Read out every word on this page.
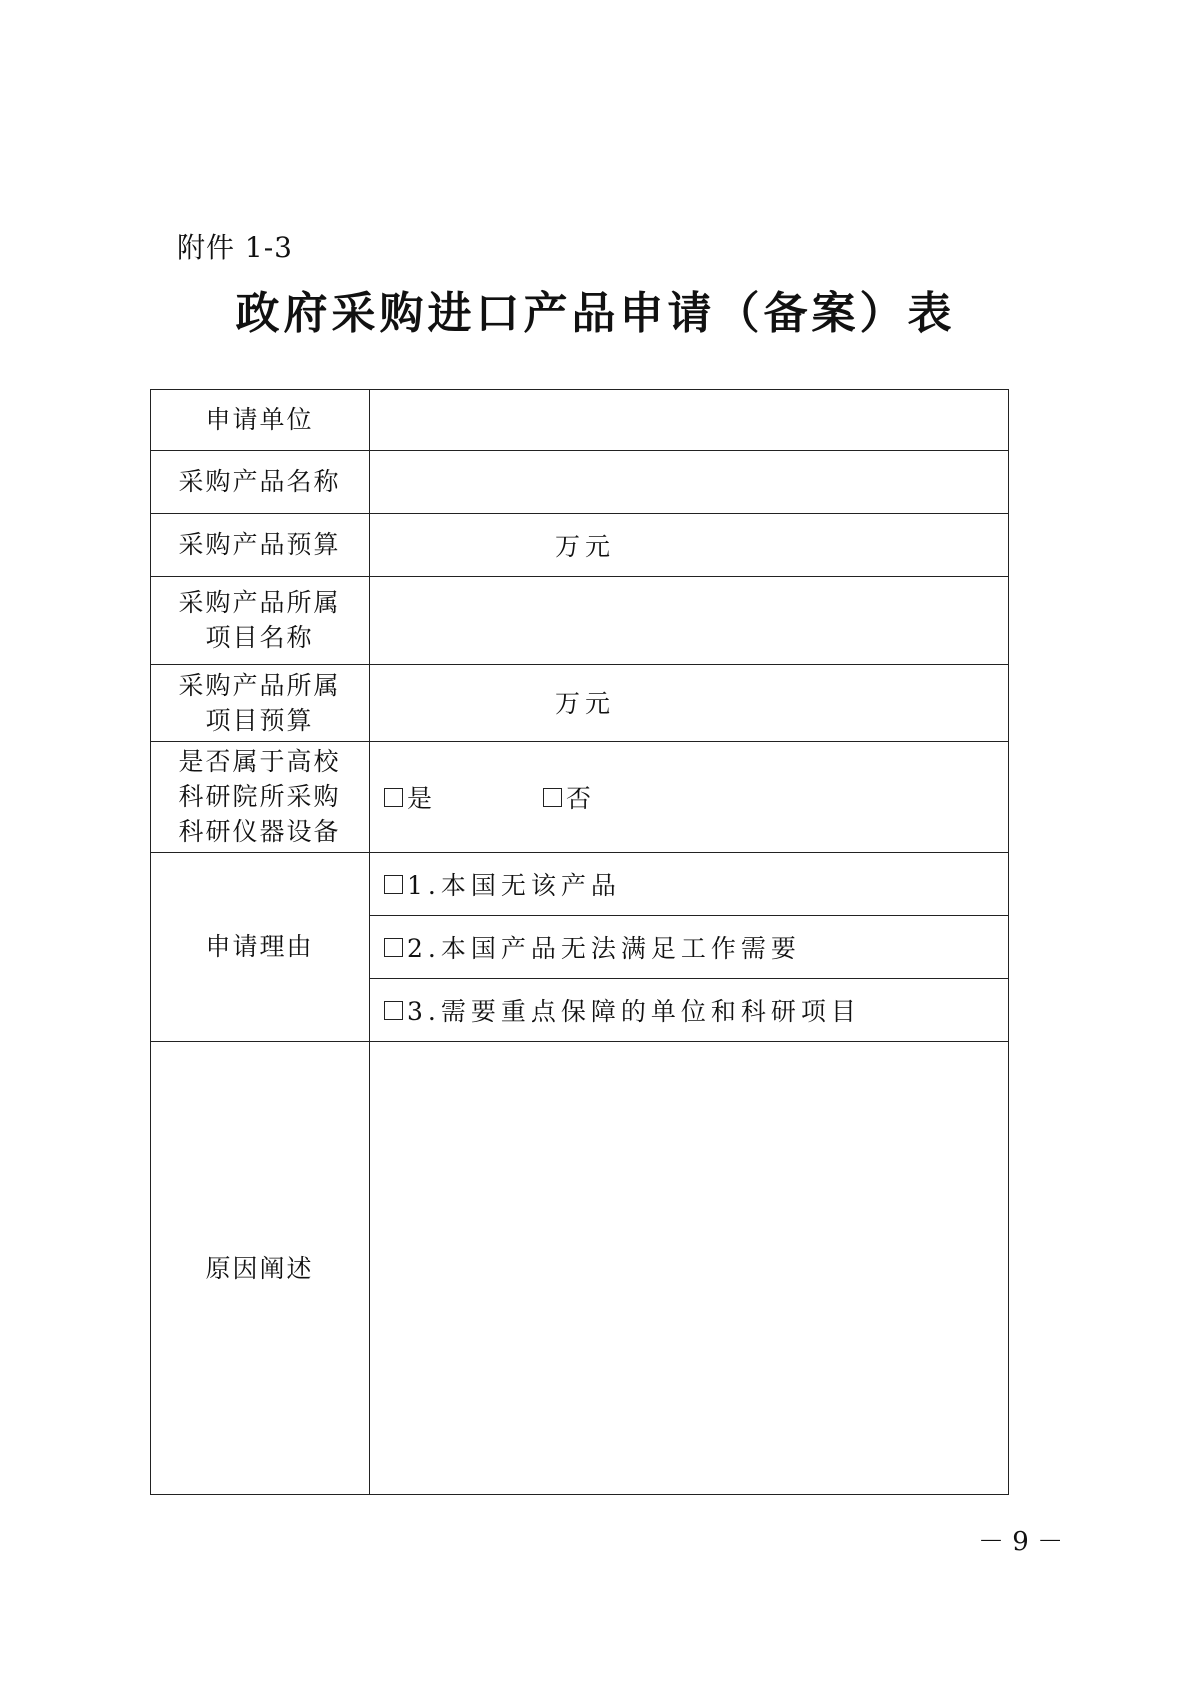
附件 1-3
政府采购进口产品申请（备案）表
申请单位
采购产品名称
采购产品预算
采购产品所属项目名称
采购产品所属项目预算
是否属于高校科研院所采购科研仪器设备
申请理由
原因阐述
万元
万元
是	否
1.本国无该产品
2.本国产品无法满足工作需要
3.需要重点保障的单位和科研项目
－ 9 －
